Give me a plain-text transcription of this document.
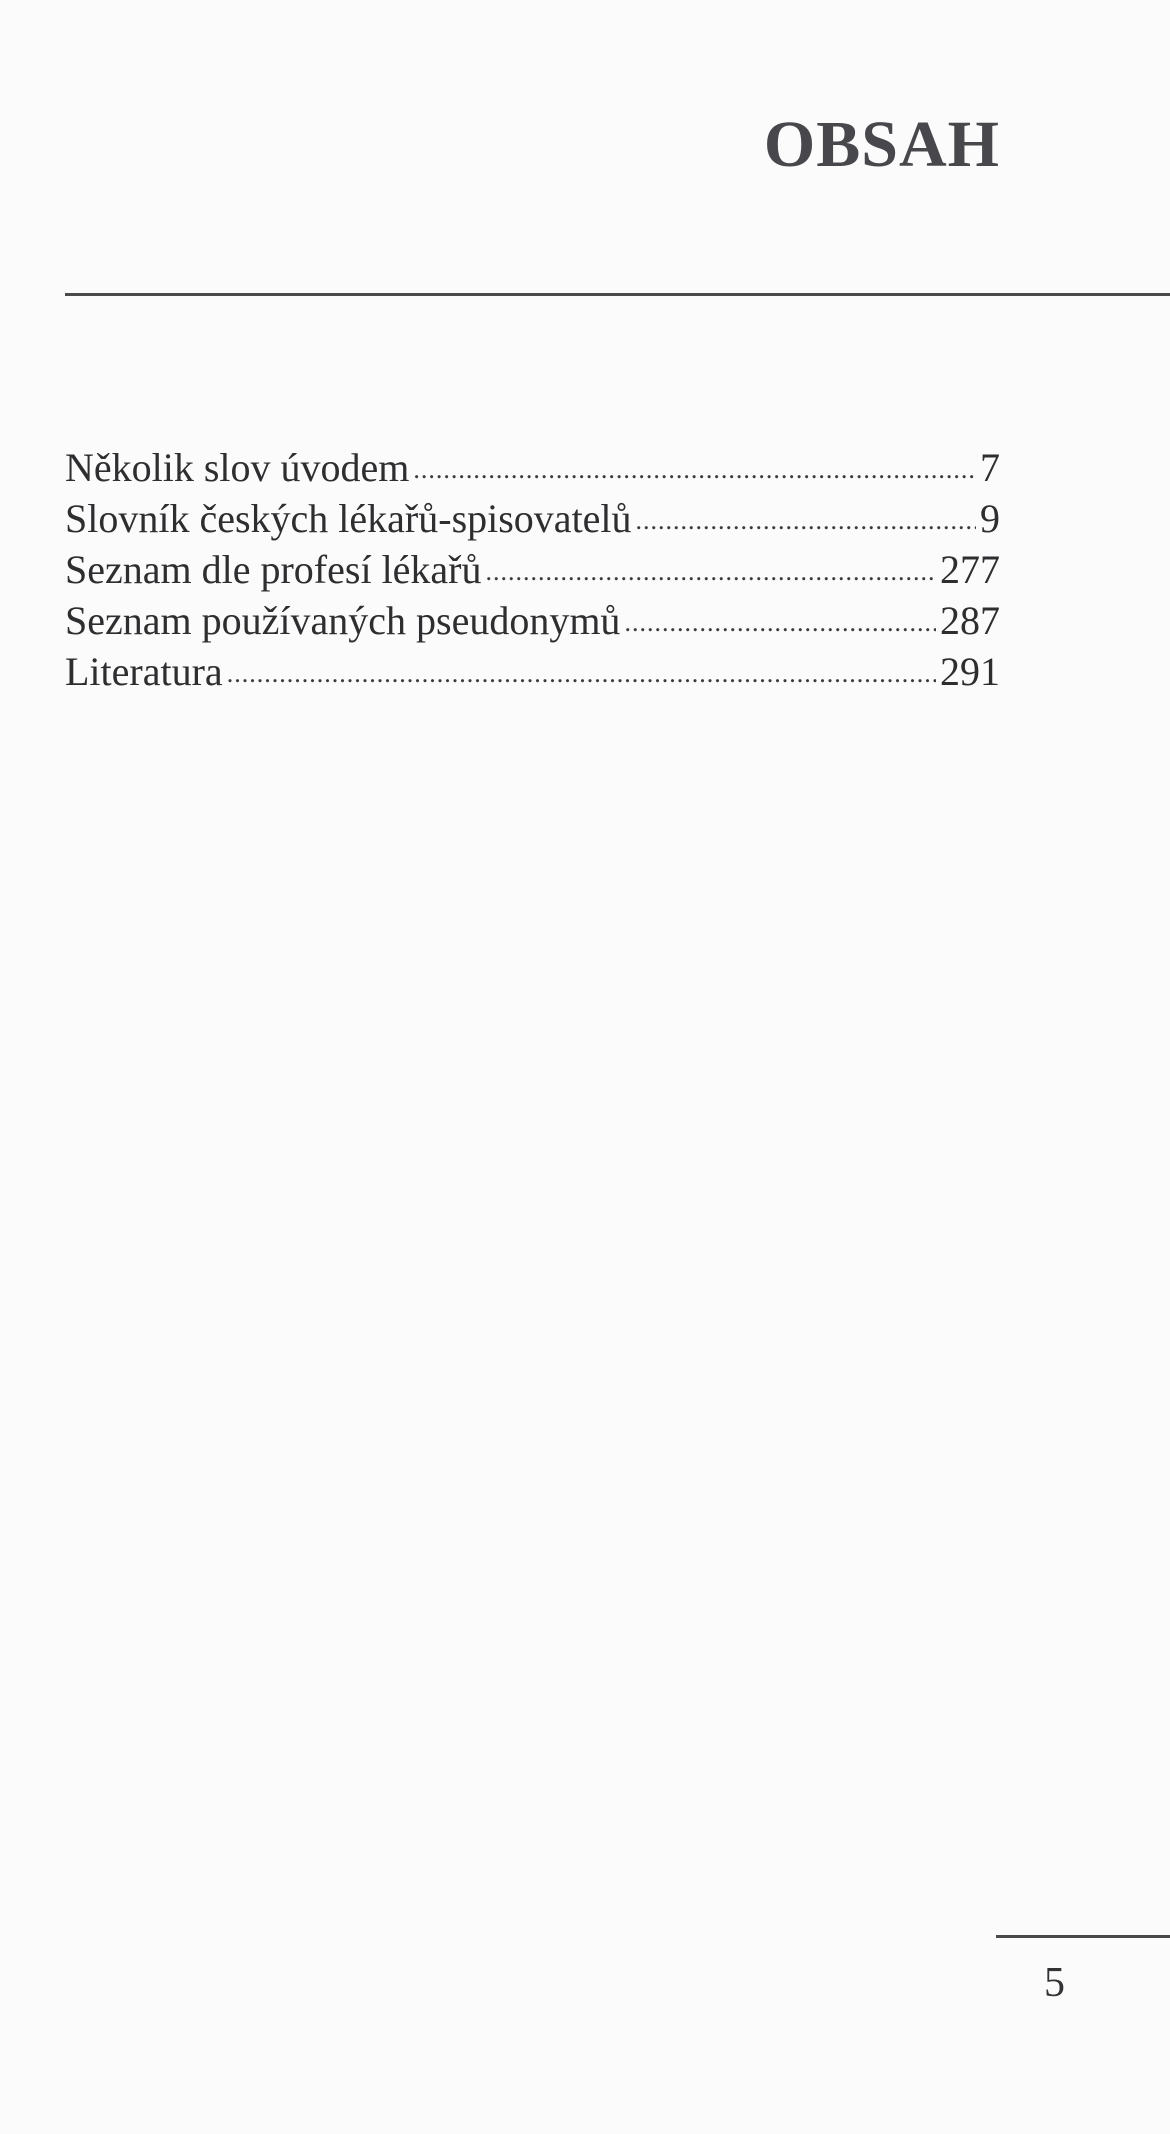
OBSAH
Několik slov úvodem .....	7
Slovník českých lékařů-spisovatelů .....	9
Seznam dle profesí lékařů .....	277
Seznam používaných pseudonymů .....	287
Literatura .....	291
5
